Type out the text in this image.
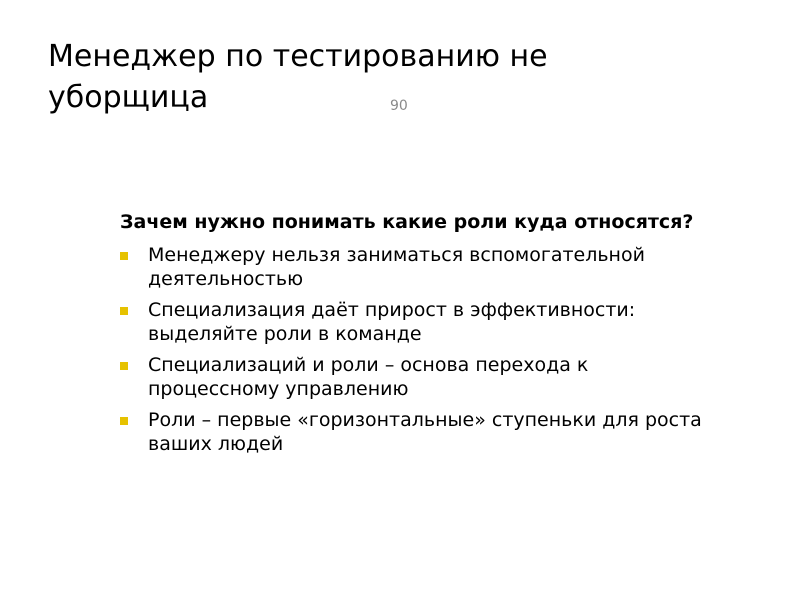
Менеджер по тестированию не уборщица	90

Зачем нужно понимать какие роли куда относятся?

Менеджеру нельзя заниматься вспомогательной деятельностью
Специализация даёт прирост в эффективности: выделяйте роли в команде
Специализаций и роли – основа перехода к процессному управлению
Роли – первые «горизонтальные» ступеньки для роста ваших людей
